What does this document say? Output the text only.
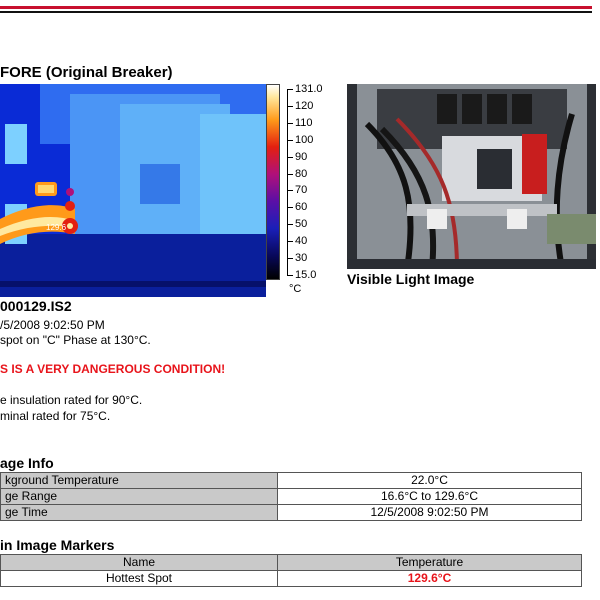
FORE (Original Breaker)
129.6
131.0
120
110
100
90
80
70
60
50
40
30
15.0
°C
Visible Light Image
000129.IS2
/5/2008 9:02:50 PM
spot on "C" Phase at 130°C.
S IS A VERY DANGEROUS CONDITION!
e insulation rated for 90°C.
minal rated for 75°C.
age Info
kground Temperature	22.0°C
ge Range	16.6°C to 129.6°C
ge Time	12/5/2008 9:02:50 PM
in Image Markers
Name	Temperature
Hottest Spot	129.6°C
